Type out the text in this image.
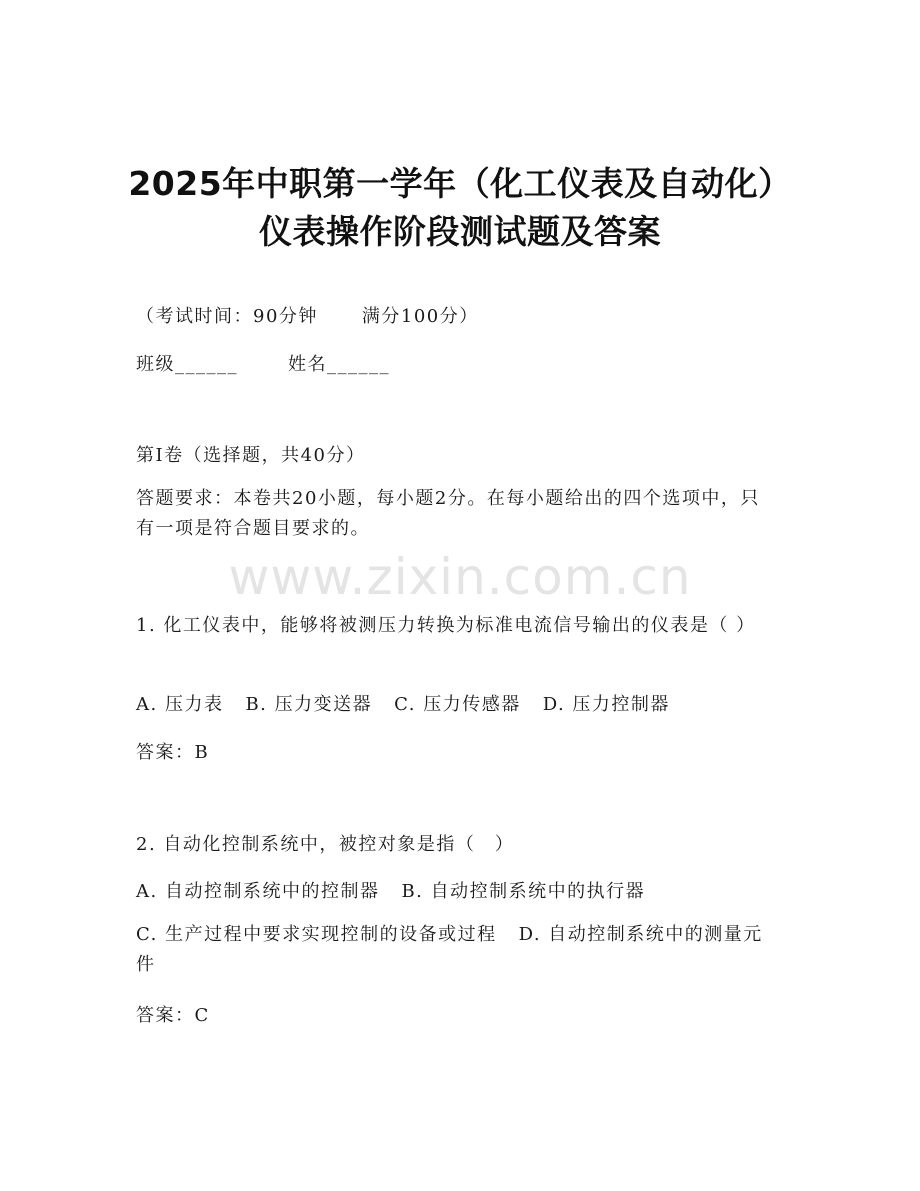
www.zixin.com.cn
2025年中职第一学年（化工仪表及自动化）
仪表操作阶段测试题及答案

（考试时间：90分钟 满分100分）

班级______	姓名______

第I卷（选择题，共40分）

答题要求：本卷共20小题，每小题2分。在每小题给出的四个选项中，只有一项是符合题目要求的。

1. 化工仪表中，能够将被测压力转换为标准电流信号输出的仪表是（ ）

A. 压力表 B. 压力变送器 C. 压力传感器 D. 压力控制器

答案：B

2. 自动化控制系统中，被控对象是指（　）

A. 自动控制系统中的控制器 B. 自动控制系统中的执行器

C. 生产过程中要求实现控制的设备或过程 D. 自动控制系统中的测量元件

答案：C
